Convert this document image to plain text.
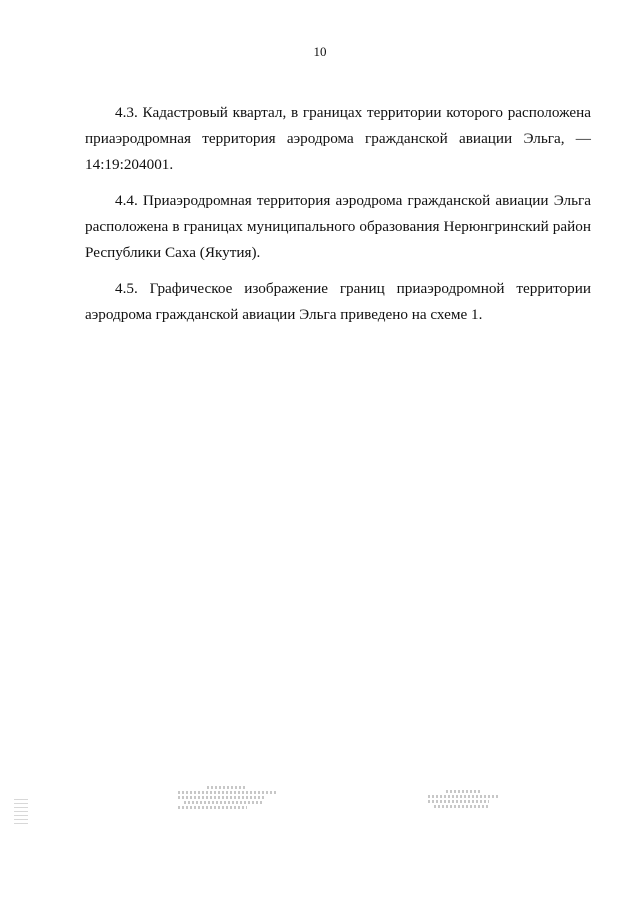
10

4.3. Кадастровый квартал, в границах территории которого расположена приаэродромная территория аэродрома гражданской авиации Эльга, — 14:19:204001.

4.4. Приаэродромная территория аэродрома гражданской авиации Эльга расположена в границах муниципального образования Нерюнгринский район Республики Саха (Якутия).

4.5. Графическое изображение границ приаэродромной территории аэродрома гражданской авиации Эльга приведено на схеме 1.
